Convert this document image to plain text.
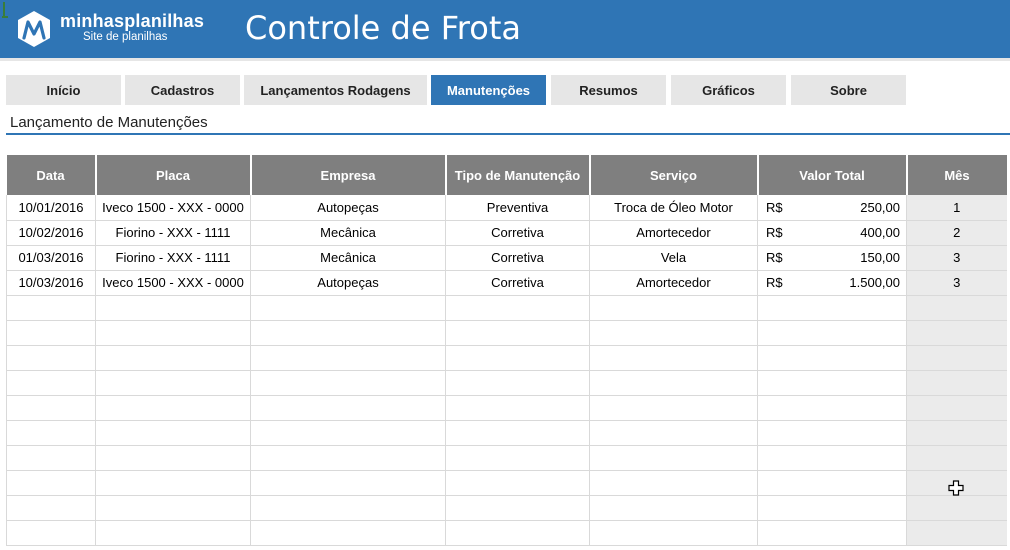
minhasplanilhas
Site de planilhas Controle de Frota
Início	Cadastros	Lançamentos Rodagens	Manutenções	Resumos	Gráficos	Sobre
Lançamento de Manutenções
Data	Placa	Empresa	Tipo de Manutenção	Serviço	Valor Total	Mês
10/01/2016	Iveco 1500 - XXX - 0000	Autopeças	Preventiva	Troca de Óleo Motor	R$ 250,00	1
10/02/2016	Fiorino - XXX - 1111	Mecânica	Corretiva	Amortecedor	R$ 400,00	2
01/03/2016	Fiorino - XXX - 1111	Mecânica	Corretiva	Vela	R$ 150,00	3
10/03/2016	Iveco 1500 - XXX - 0000	Autopeças	Corretiva	Amortecedor	R$ 1.500,00	3
